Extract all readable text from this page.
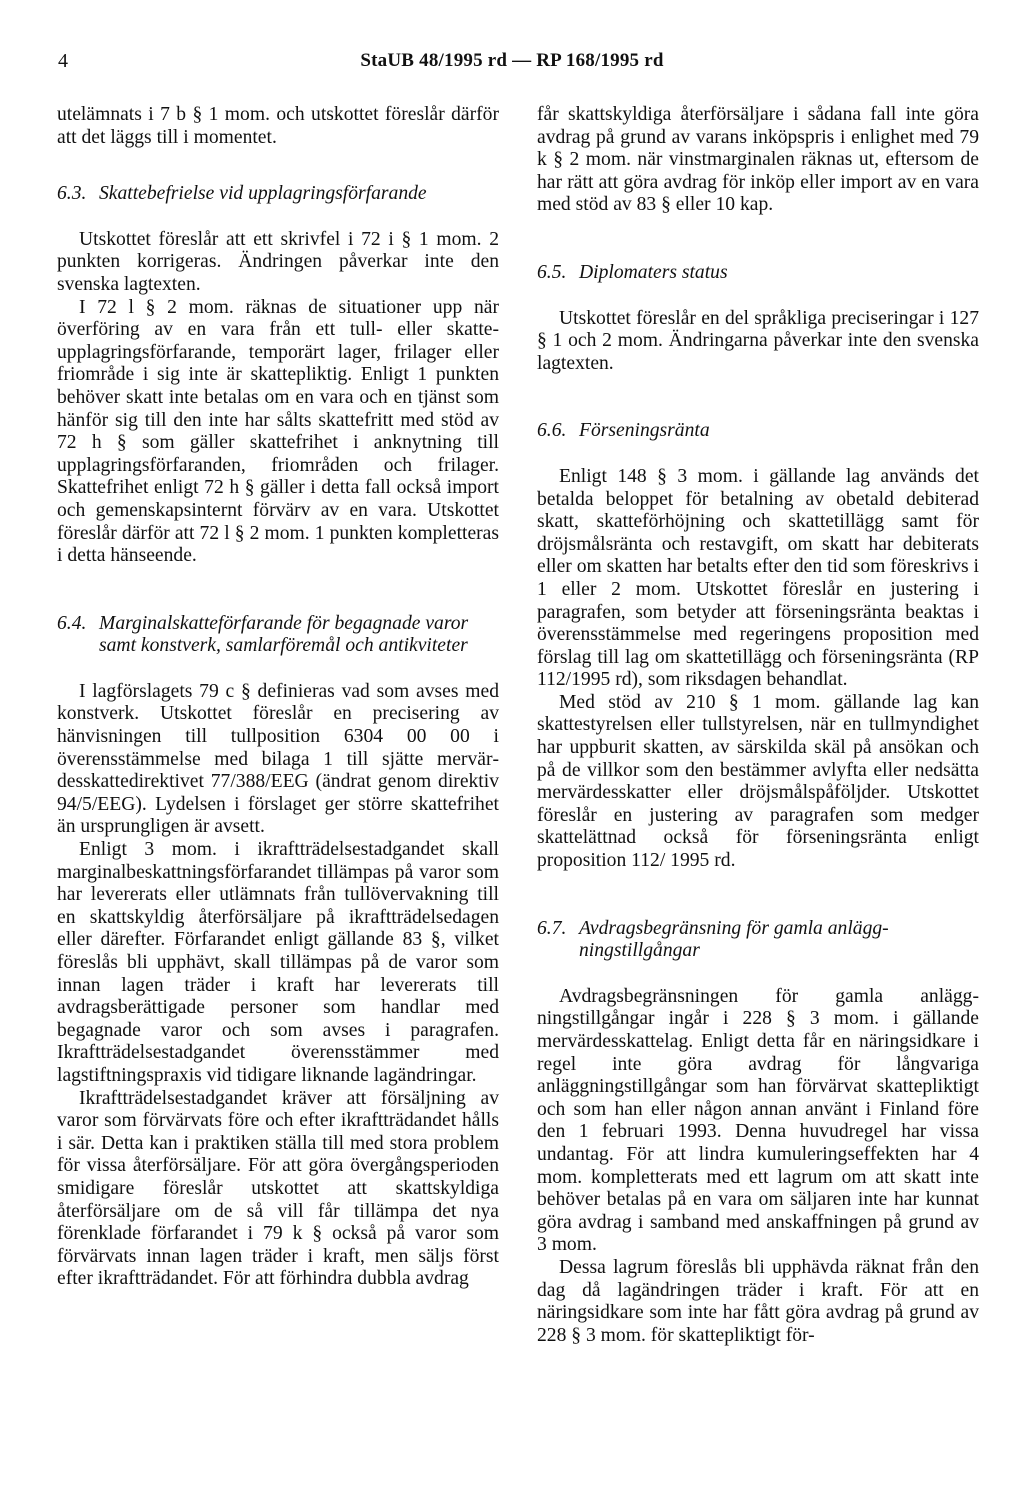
4	StaUB 48/1995 rd — RP 168/1995 rd

utelämnats i 7 b § 1 mom. och utskottet föreslår därför att det läggs till i momentet.

6.3. Skattebefrielse vid upplagringsförfarande

Utskottet föreslår att ett skrivfel i 72 i § 1 mom. 2 punkten korrigeras. Ändringen påverkar inte den svenska lagtexten.

I 72 l § 2 mom. räknas de situationer upp när överföring av en vara från ett tull- eller skatteupplagringsförfarande, temporärt lager, frilager eller friområde i sig inte är skattepliktig. Enligt 1 punkten behöver skatt inte betalas om en vara och en tjänst som hänför sig till den inte har sålts skattefritt med stöd av 72 h § som gäller skattefrihet i anknytning till upplagringsförfaranden, friområden och frilager. Skattefrihet enligt 72 h § gäller i detta fall också import och gemenskapsinternt förvärv av en vara. Utskottet föreslår därför att 72 l § 2 mom. 1 punkten kompletteras i detta hänseende.

6.4. Marginalskatteförfarande för begagnade varor samt konstverk, samlarföremål och antikviteter

I lagförslagets 79 c § definieras vad som avses med konstverk. Utskottet föreslår en precisering av hänvisningen till tullposition 6304 00 00 i överensstämmelse med bilaga 1 till sjätte mervärdesskattedirektivet 77/388/EEG (ändrat genom direktiv 94/5/EEG). Lydelsen i förslaget ger större skattefrihet än ursprungligen är avsett.

Enligt 3 mom. i ikraftträdelsestadgandet skall marginalbeskattningsförfarandet tillämpas på varor som har levererats eller utlämnats från tullövervakning till en skattskyldig återförsäljare på ikraftträdelsedagen eller därefter. Förfarandet enligt gällande 83 §, vilket föreslås bli upphävt, skall tillämpas på de varor som innan lagen träder i kraft har levererats till avdragsberättigade personer som handlar med begagnade varor och som avses i paragrafen. Ikraftträdelsestadgandet överensstämmer med lagstiftningspraxis vid tidigare liknande lagändringar.

Ikraftträdelsestadgandet kräver att försäljning av varor som förvärvats före och efter ikraftträdandet hålls i sär. Detta kan i praktiken ställa till med stora problem för vissa återförsäljare. För att göra övergångsperioden smidigare föreslår utskottet att skattskyldiga återförsäljare om de så vill får tillämpa det nya förenklade förfarandet i 79 k § också på varor som förvärvats innan lagen träder i kraft, men säljs först efter ikraftträdandet. För att förhindra dubbla avdrag

får skattskyldiga återförsäljare i sådana fall inte göra avdrag på grund av varans inköpspris i enlighet med 79 k § 2 mom. när vinstmarginalen räknas ut, eftersom de har rätt att göra avdrag för inköp eller import av en vara med stöd av 83 § eller 10 kap.

6.5. Diplomaters status

Utskottet föreslår en del språkliga preciseringar i 127 § 1 och 2 mom. Ändringarna påverkar inte den svenska lagtexten.

6.6. Förseningsränta

Enligt 148 § 3 mom. i gällande lag används det betalda beloppet för betalning av obetald debiterad skatt, skatteförhöjning och skattetillägg samt för dröjsmålsränta och restavgift, om skatt har debiterats eller om skatten har betalts efter den tid som föreskrivs i 1 eller 2 mom. Utskottet föreslår en justering i paragrafen, som betyder att förseningsränta beaktas i överensstämmelse med regeringens proposition med förslag till lag om skattetillägg och förseningsränta (RP 112/1995 rd), som riksdagen behandlat.

Med stöd av 210 § 1 mom. gällande lag kan skattestyrelsen eller tullstyrelsen, när en tullmyndighet har uppburit skatten, av särskilda skäl på ansökan och på de villkor som den bestämmer avlyfta eller nedsätta mervärdesskatter eller dröjsmålspåföljder. Utskottet föreslår en justering av paragrafen som medger skattelättnad också för förseningsränta enligt proposition 112/ 1995 rd.

6.7. Avdragsbegränsning för gamla anläggningstillgångar

Avdragsbegränsningen för gamla anläggningstillgångar ingår i 228 § 3 mom. i gällande mervärdesskattelag. Enligt detta får en näringsidkare i regel inte göra avdrag för långvariga anläggningstillgångar som han förvärvat skattepliktigt och som han eller någon annan använt i Finland före den 1 februari 1993. Denna huvudregel har vissa undantag. För att lindra kumuleringseffekten har 4 mom. kompletterats med ett lagrum om att skatt inte behöver betalas på en vara om säljaren inte har kunnat göra avdrag i samband med anskaffningen på grund av 3 mom.

Dessa lagrum föreslås bli upphävda räknat från den dag då lagändringen träder i kraft. För att en näringsidkare som inte har fått göra avdrag på grund av 228 § 3 mom. för skattepliktigt för-
